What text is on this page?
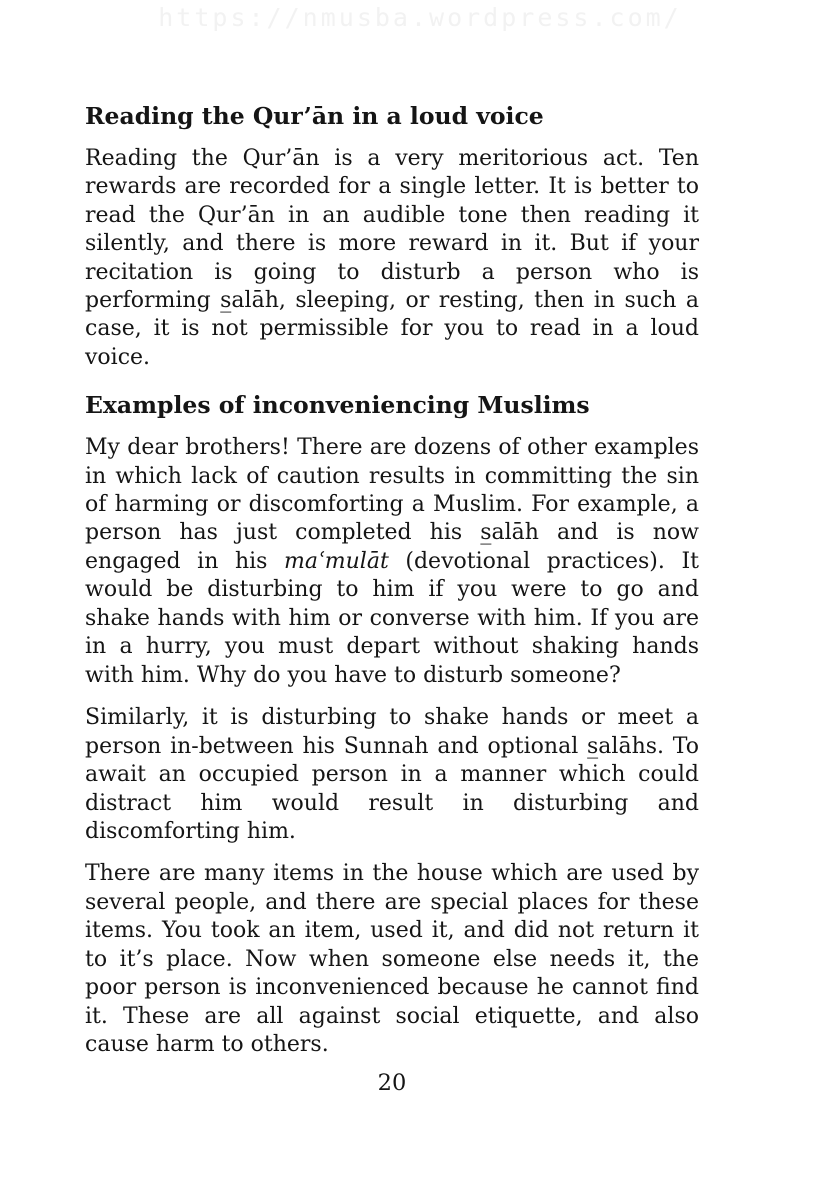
https://nmusba.wordpress.com/
Reading the Qur’ān in a loud voice

Reading the Qur’ān is a very meritorious act. Ten rewards are recorded for a single letter. It is better to read the Qur’ān in an audible tone then reading it silently, and there is more reward in it. But if your recitation is going to disturb a person who is performing s̲alāh, sleeping, or resting, then in such a case, it is not permissible for you to read in a loud voice.

Examples of inconveniencing Muslims

My dear brothers! There are dozens of other examples in which lack of caution results in committing the sin of harming or discomforting a Muslim. For example, a person has just completed his s̲alāh and is now engaged in his maʿmulāt (devotional practices). It would be disturbing to him if you were to go and shake hands with him or converse with him. If you are in a hurry, you must depart without shaking hands with him. Why do you have to disturb someone?

Similarly, it is disturbing to shake hands or meet a person in-between his Sunnah and optional s̲alāhs. To await an occupied person in a manner which could distract him would result in disturbing and discomforting him.

There are many items in the house which are used by several people, and there are special places for these items. You took an item, used it, and did not return it to it’s place. Now when someone else needs it, the poor person is inconvenienced because he cannot find it. These are all against social etiquette, and also cause harm to others.

20
